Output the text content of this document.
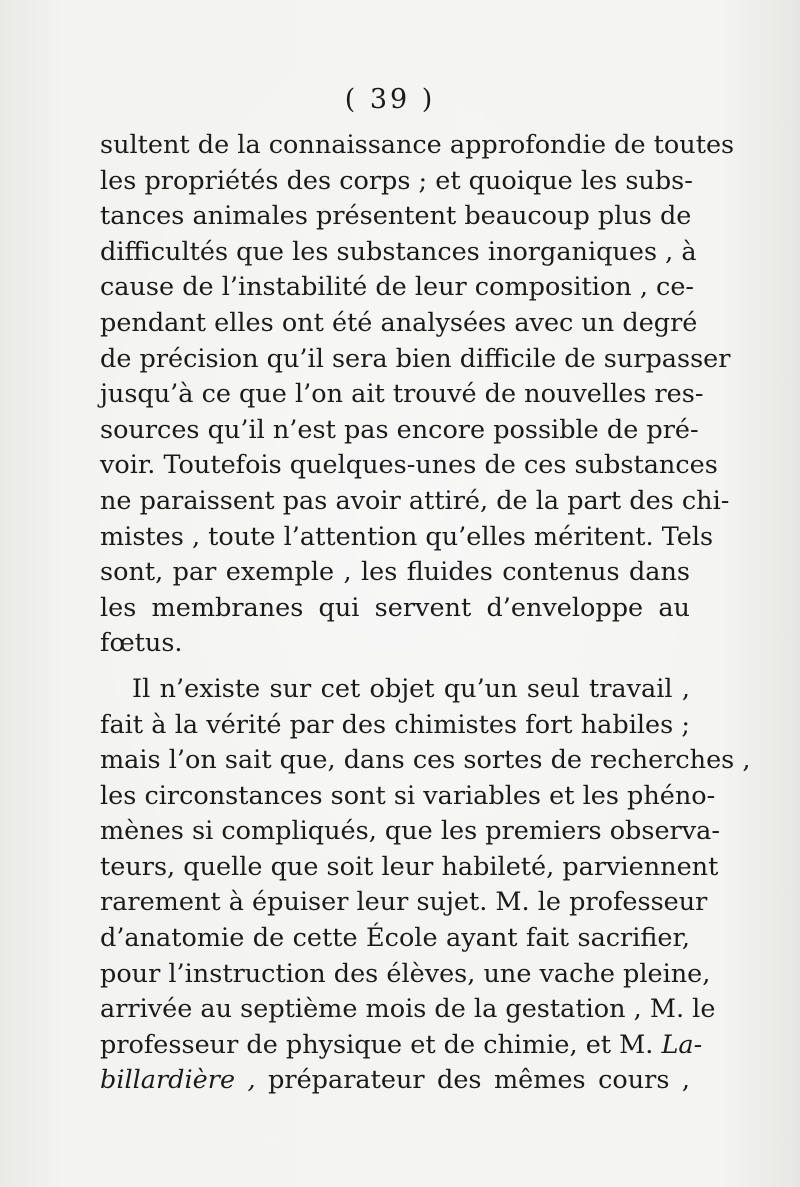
( 39 )
sultent de la connaissance approfondie de toutes
les propriétés des corps ; et quoique les subs-
tances animales présentent beaucoup plus de
difficultés que les substances inorganiques , à
cause de l’instabilité de leur composition , ce-
pendant elles ont été analysées avec un degré
de précision qu’il sera bien difficile de surpasser
jusqu’à ce que l’on ait trouvé de nouvelles res-
sources qu’il n’est pas encore possible de pré-
voir. Toutefois quelques-unes de ces substances
ne paraissent pas avoir attiré, de la part des chi-
mistes , toute l’attention qu’elles méritent. Tels
sont, par exemple , les fluides contenus dans
les membranes qui servent d’enveloppe au
fœtus.
Il n’existe sur cet objet qu’un seul travail ,
fait à la vérité par des chimistes fort habiles ;
mais l’on sait que, dans ces sortes de recherches ,
les circonstances sont si variables et les phéno-
mènes si compliqués, que les premiers observa-
teurs, quelle que soit leur habileté, parviennent
rarement à épuiser leur sujet. M. le professeur
d’anatomie de cette École ayant fait sacrifier,
pour l’instruction des élèves, une vache pleine,
arrivée au septième mois de la gestation , M. le
professeur de physique et de chimie, et M. La-
billardière , préparateur des mêmes cours ,
